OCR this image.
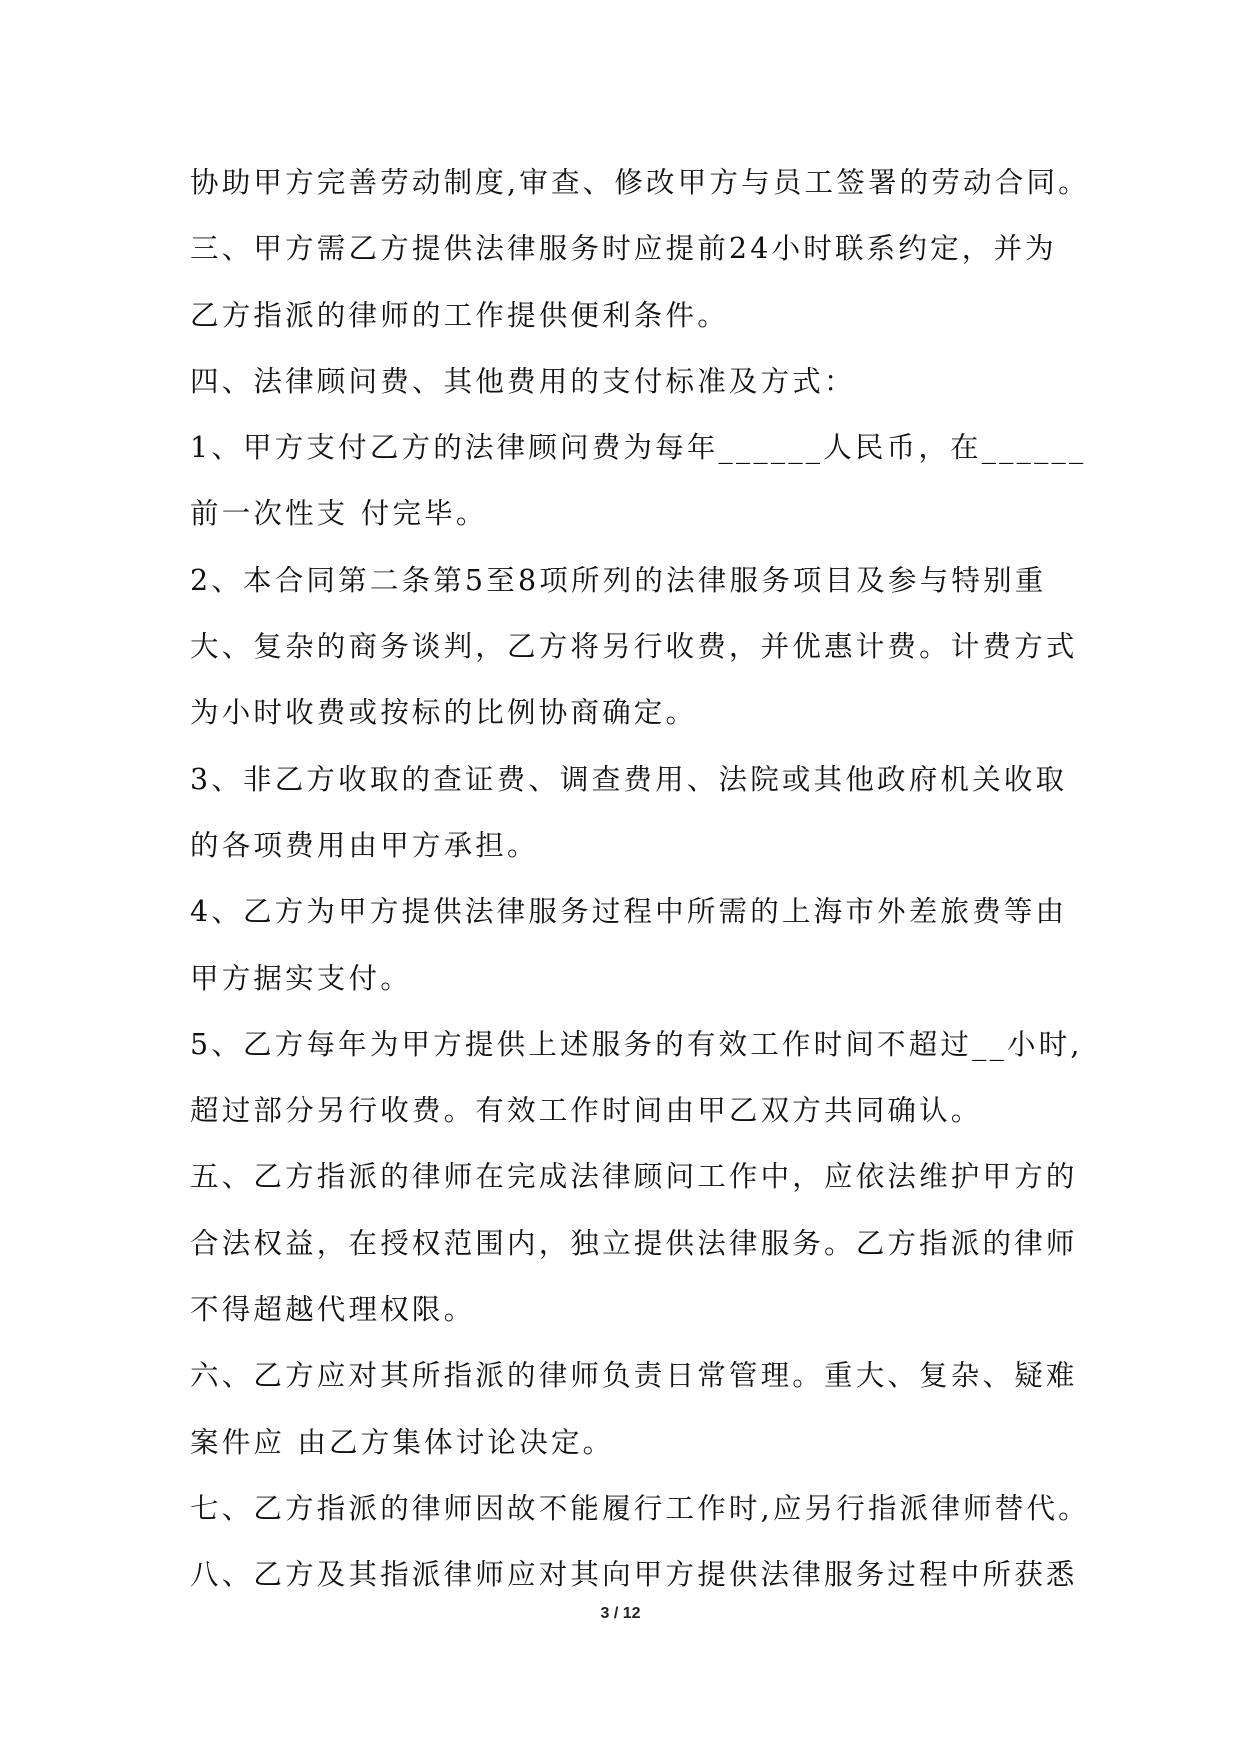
协助甲方完善劳动制度,审查、修改甲方与员工签署的劳动合同。
三、甲方需乙方提供法律服务时应提前24小时联系约定，并为
乙方指派的律师的工作提供便利条件。
四、法律顾问费、其他费用的支付标准及方式：
1、甲方支付乙方的法律顾问费为每年______人民币，在______
前一次性支 付完毕。
2、本合同第二条第5至8项所列的法律服务项目及参与特别重
大、复杂的商务谈判，乙方将另行收费，并优惠计费。计费方式
为小时收费或按标的比例协商确定。
3、非乙方收取的查证费、调查费用、法院或其他政府机关收取
的各项费用由甲方承担。
4、乙方为甲方提供法律服务过程中所需的上海市外差旅费等由
甲方据实支付。
5、乙方每年为甲方提供上述服务的有效工作时间不超过__小时,
超过部分另行收费。有效工作时间由甲乙双方共同确认。
五、乙方指派的律师在完成法律顾问工作中，应依法维护甲方的
合法权益，在授权范围内，独立提供法律服务。乙方指派的律师
不得超越代理权限。
六、乙方应对其所指派的律师负责日常管理。重大、复杂、疑难
案件应 由乙方集体讨论决定。
七、乙方指派的律师因故不能履行工作时,应另行指派律师替代。
八、乙方及其指派律师应对其向甲方提供法律服务过程中所获悉
3 / 12
